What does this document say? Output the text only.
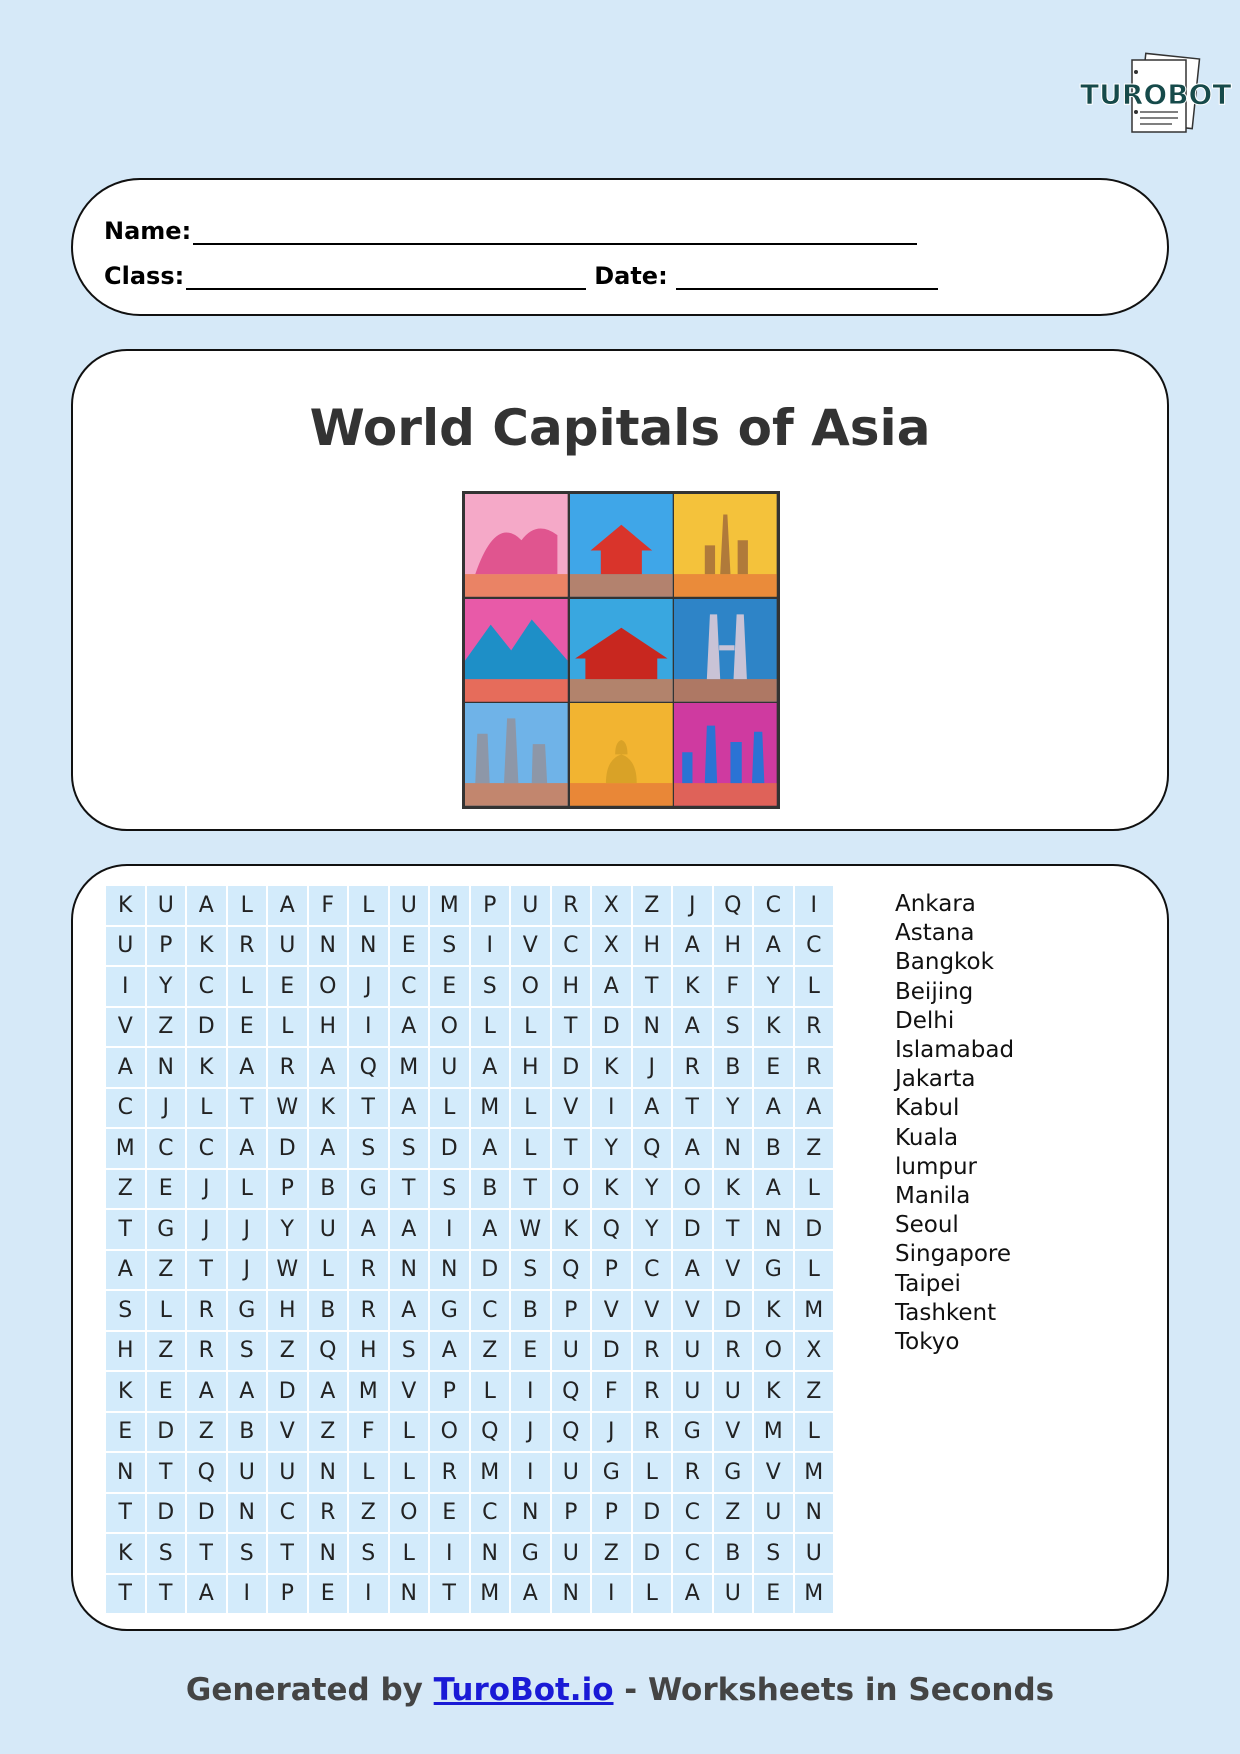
TUROBOT
Name:
Class:	Date:
World Capitals of Asia
K	U	A	L	A	F	L	U	M	P	U	R	X	Z	J	Q	C	I
U	P	K	R	U	N	N	E	S	I	V	C	X	H	A	H	A	C
I	Y	C	L	E	O	J	C	E	S	O	H	A	T	K	F	Y	L
V	Z	D	E	L	H	I	A	O	L	L	T	D	N	A	S	K	R
A	N	K	A	R	A	Q	M	U	A	H	D	K	J	R	B	E	R
C	J	L	T	W	K	T	A	L	M	L	V	I	A	T	Y	A	A
M	C	C	A	D	A	S	S	D	A	L	T	Y	Q	A	N	B	Z
Z	E	J	L	P	B	G	T	S	B	T	O	K	Y	O	K	A	L
T	G	J	J	Y	U	A	A	I	A	W	K	Q	Y	D	T	N	D
A	Z	T	J	W	L	R	N	N	D	S	Q	P	C	A	V	G	L
S	L	R	G	H	B	R	A	G	C	B	P	V	V	V	D	K	M
H	Z	R	S	Z	Q	H	S	A	Z	E	U	D	R	U	R	O	X
K	E	A	A	D	A	M	V	P	L	I	Q	F	R	U	U	K	Z
E	D	Z	B	V	Z	F	L	O	Q	J	Q	J	R	G	V	M	L
N	T	Q	U	U	N	L	L	R	M	I	U	G	L	R	G	V	M
T	D	D	N	C	R	Z	O	E	C	N	P	P	D	C	Z	U	N
K	S	T	S	T	N	S	L	I	N	G	U	Z	D	C	B	S	U
T	T	A	I	P	E	I	N	T	M	A	N	I	L	A	U	E	M
Ankara
Astana
Bangkok
Beijing
Delhi
Islamabad
Jakarta
Kabul
Kuala
lumpur
Manila
Seoul
Singapore
Taipei
Tashkent
Tokyo
Generated by TuroBot.io - Worksheets in Seconds
